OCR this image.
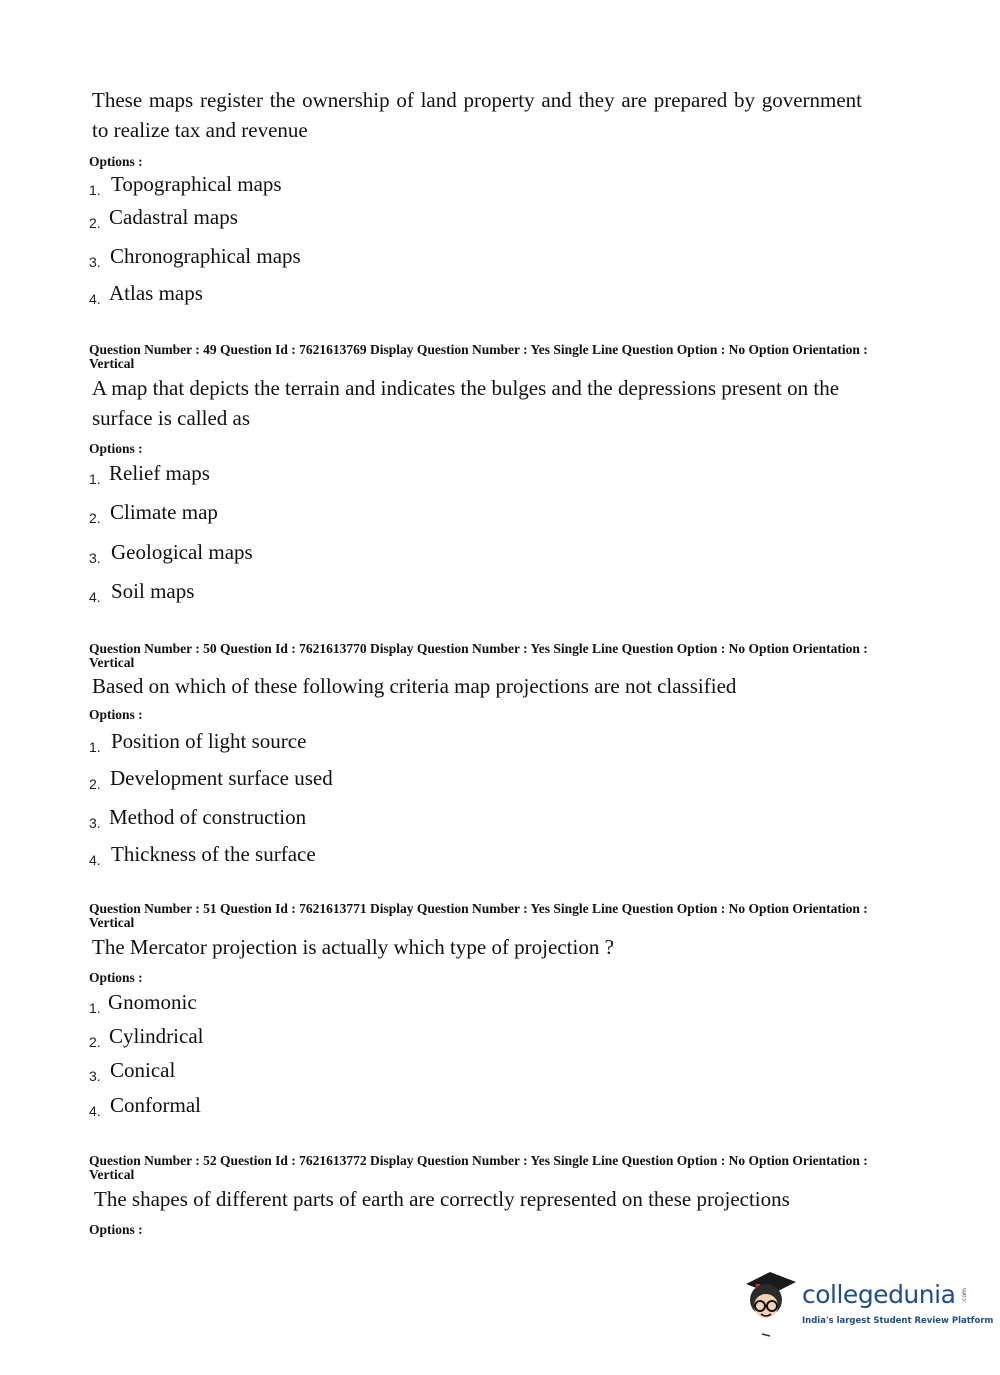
These maps register the ownership of land property and they are prepared by government to realize tax and revenue
Options :
1. Topographical maps
2. Cadastral maps
3. Chronographical maps
4. Atlas maps
Question Number : 49 Question Id : 7621613769 Display Question Number : Yes Single Line Question Option : No Option Orientation : Vertical
A map that depicts the terrain and indicates the bulges and the depressions present on the surface is called as
Options :
1. Relief maps
2. Climate map
3. Geological maps
4. Soil maps
Question Number : 50 Question Id : 7621613770 Display Question Number : Yes Single Line Question Option : No Option Orientation : Vertical
Based on which of these following criteria map projections are not classified
Options :
1. Position of light source
2. Development surface used
3. Method of construction
4. Thickness of the surface
Question Number : 51 Question Id : 7621613771 Display Question Number : Yes Single Line Question Option : No Option Orientation : Vertical
The Mercator projection is actually which type of projection ?
Options :
1. Gnomonic
2. Cylindrical
3. Conical
4. Conformal
Question Number : 52 Question Id : 7621613772 Display Question Number : Yes Single Line Question Option : No Option Orientation : Vertical
The shapes of different parts of earth are correctly represented on these projections
Options :
collegedunia .com
India's largest Student Review Platform
